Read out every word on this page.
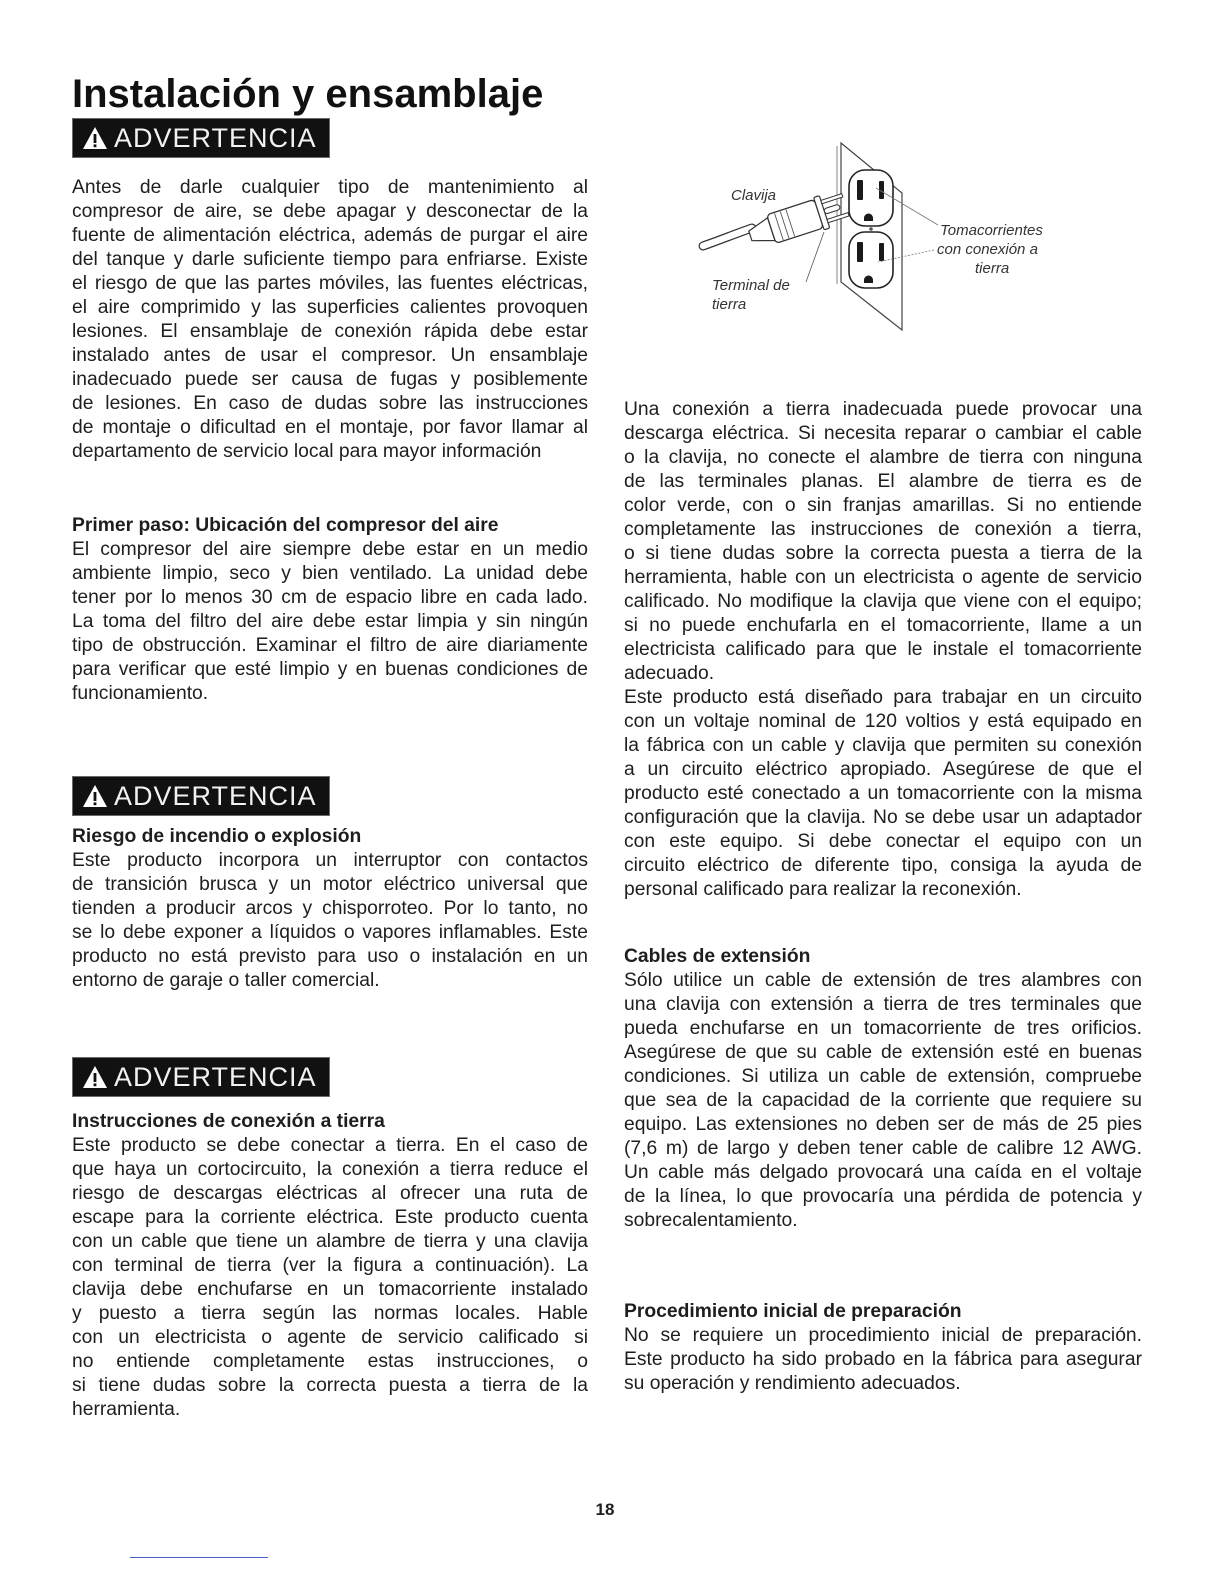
Instalación y ensamblaje
ADVERTENCIA
Antes de darle cualquier tipo de mantenimiento al
compresor de aire, se debe apagar y desconectar de la
fuente de alimentación eléctrica, además de purgar el aire
del tanque y darle suficiente tiempo para enfriarse. Existe
el riesgo de que las partes móviles, las fuentes eléctricas,
el aire comprimido y las superficies calientes provoquen
lesiones. El ensamblaje de conexión rápida debe estar
instalado antes de usar el compresor. Un ensamblaje
inadecuado puede ser causa de fugas y posiblemente
de lesiones. En caso de dudas sobre las instrucciones
de montaje o dificultad en el montaje, por favor llamar al
departamento de servicio local para mayor información
Primer paso: Ubicación del compresor del aire
El compresor del aire siempre debe estar en un medio
ambiente limpio, seco y bien ventilado. La unidad debe
tener por lo menos 30 cm de espacio libre en cada lado.
La toma del filtro del aire debe estar limpia y sin ningún
tipo de obstrucción. Examinar el filtro de aire diariamente
para verificar que esté limpio y en buenas condiciones de
funcionamiento.
ADVERTENCIA
Riesgo de incendio o explosión
Este producto incorpora un interruptor con contactos
de transición brusca y un motor eléctrico universal que
tienden a producir arcos y chisporroteo. Por lo tanto, no
se lo debe exponer a líquidos o vapores inflamables. Este
producto no está previsto para uso o instalación en un
entorno de garaje o taller comercial.
ADVERTENCIA
Instrucciones de conexión a tierra
Este producto se debe conectar a tierra. En el caso de
que haya un cortocircuito, la conexión a tierra reduce el
riesgo de descargas eléctricas al ofrecer una ruta de
escape para la corriente eléctrica. Este producto cuenta
con un cable que tiene un alambre de tierra y una clavija
con terminal de tierra (ver la figura a continuación). La
clavija debe enchufarse en un tomacorriente instalado
y puesto a tierra según las normas locales. Hable
con un electricista o agente de servicio calificado si
no entiende completamente estas instrucciones, o
si tiene dudas sobre la correcta puesta a tierra de la
herramienta.
Clavija
Tomacorrientes
con conexión a
tierra
Terminal de
tierra
Una conexión a tierra inadecuada puede provocar una
descarga eléctrica. Si necesita reparar o cambiar el cable
o la clavija, no conecte el alambre de tierra con ninguna
de las terminales planas. El alambre de tierra es de
color verde, con o sin franjas amarillas. Si no entiende
completamente las instrucciones de conexión a tierra,
o si tiene dudas sobre la correcta puesta a tierra de la
herramienta, hable con un electricista o agente de servicio
calificado. No modifique la clavija que viene con el equipo;
si no puede enchufarla en el tomacorriente, llame a un
electricista calificado para que le instale el tomacorriente
adecuado.
Este producto está diseñado para trabajar en un circuito
con un voltaje nominal de 120 voltios y está equipado en
la fábrica con un cable y clavija que permiten su conexión
a un circuito eléctrico apropiado. Asegúrese de que el
producto esté conectado a un tomacorriente con la misma
configuración que la clavija. No se debe usar un adaptador
con este equipo. Si debe conectar el equipo con un
circuito eléctrico de diferente tipo, consiga la ayuda de
personal calificado para realizar la reconexión.
Cables de extensión
Sólo utilice un cable de extensión de tres alambres con
una clavija con extensión a tierra de tres terminales que
pueda enchufarse en un tomacorriente de tres orificios.
Asegúrese de que su cable de extensión esté en buenas
condiciones. Si utiliza un cable de extensión, compruebe
que sea de la capacidad de la corriente que requiere su
equipo. Las extensiones no deben ser de más de 25 pies
(7,6 m) de largo y deben tener cable de calibre 12 AWG.
Un cable más delgado provocará una caída en el voltaje
de la línea, lo que provocaría una pérdida de potencia y
sobrecalentamiento.
Procedimiento inicial de preparación
No se requiere un procedimiento inicial de preparación.
Este producto ha sido probado en la fábrica para asegurar
su operación y rendimiento adecuados.
18
